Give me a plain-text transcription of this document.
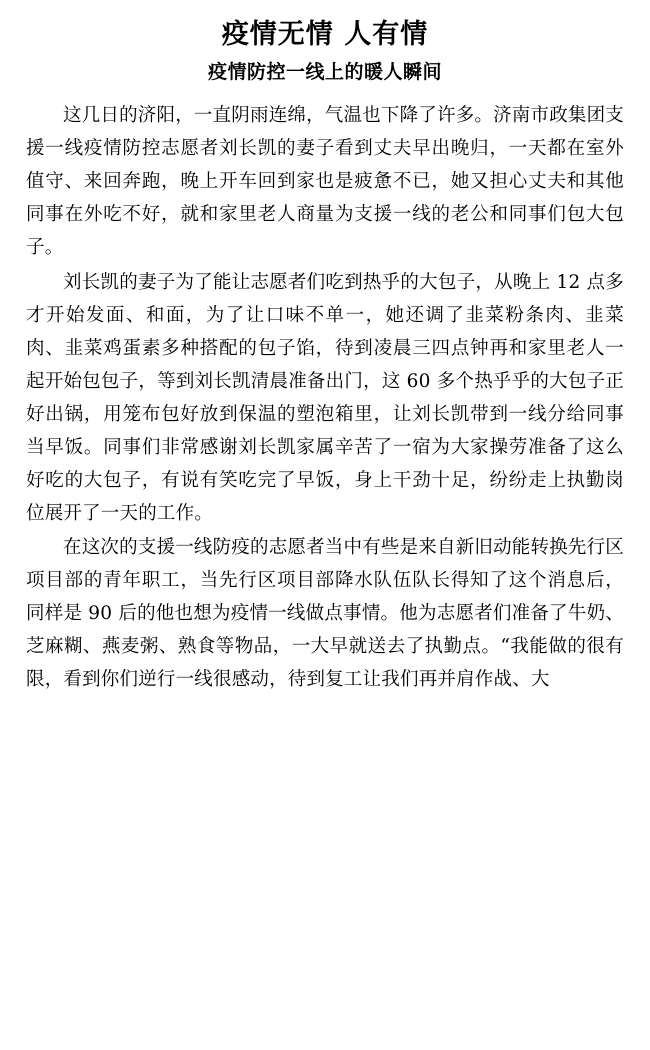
疫情无情 人有情
疫情防控一线上的暖人瞬间

这几日的济阳，一直阴雨连绵，气温也下降了许多。济南市政集团支援一线疫情防控志愿者刘长凯的妻子看到丈夫早出晚归，一天都在室外值守、来回奔跑，晚上开车回到家也是疲惫不已，她又担心丈夫和其他同事在外吃不好，就和家里老人商量为支援一线的老公和同事们包大包子。

刘长凯的妻子为了能让志愿者们吃到热乎的大包子，从晚上 12 点多才开始发面、和面，为了让口味不单一，她还调了韭菜粉条肉、韭菜肉、韭菜鸡蛋素多种搭配的包子馅，待到凌晨三四点钟再和家里老人一起开始包包子，等到刘长凯清晨准备出门，这 60 多个热乎乎的大包子正好出锅，用笼布包好放到保温的塑泡箱里，让刘长凯带到一线分给同事当早饭。同事们非常感谢刘长凯家属辛苦了一宿为大家操劳准备了这么好吃的大包子，有说有笑吃完了早饭，身上干劲十足，纷纷走上执勤岗位展开了一天的工作。

在这次的支援一线防疫的志愿者当中有些是来自新旧动能转换先行区项目部的青年职工，当先行区项目部降水队伍队长得知了这个消息后，同样是 90 后的他也想为疫情一线做点事情。他为志愿者们准备了牛奶、芝麻糊、燕麦粥、熟食等物品，一大早就送去了执勤点。“我能做的很有限，看到你们逆行一线很感动，待到复工让我们再并肩作战、大
